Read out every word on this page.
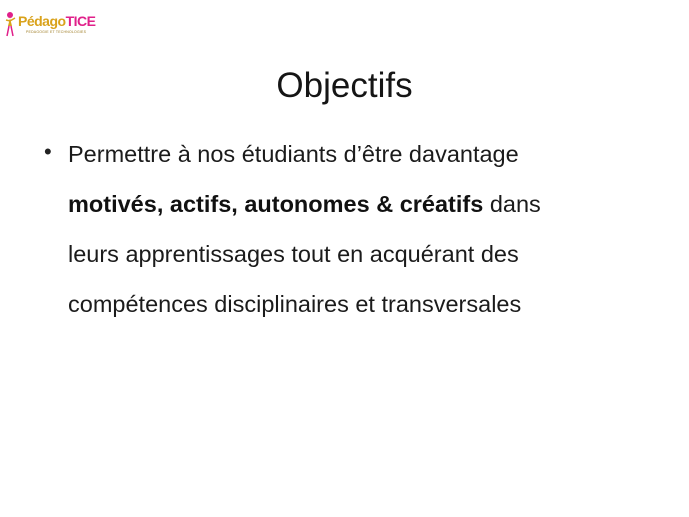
PédagoTICE
PEDAGOGIE ET TECHNOLOGIES
Objectifs
• Permettre à nos étudiants d’être davantage
motivés, actifs, autonomes & créatifs dans
leurs apprentissages tout en acquérant des
compétences disciplinaires et transversales
